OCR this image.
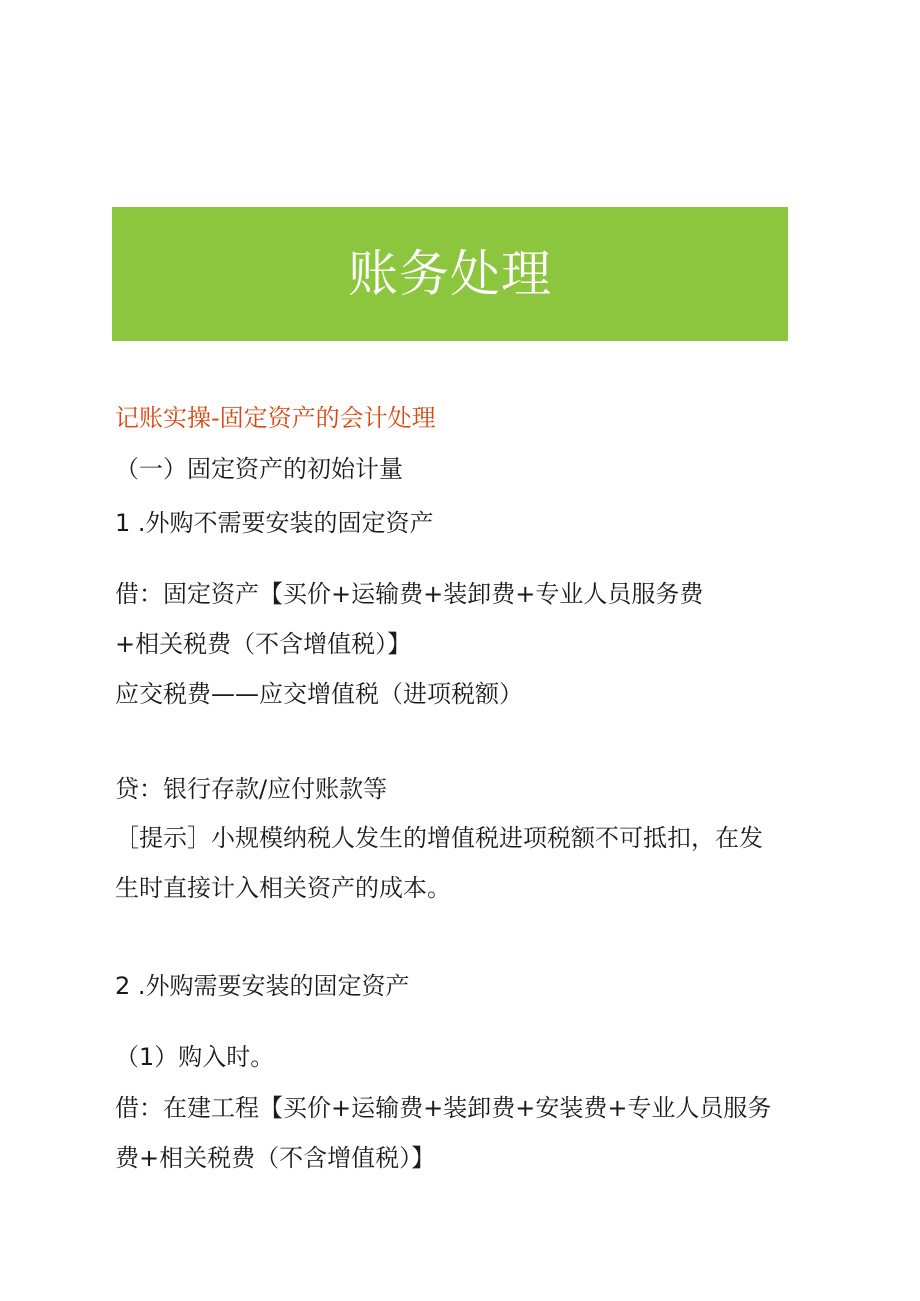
账务处理
记账实操-固定资产的会计处理
（一）固定资产的初始计量
1 .外购不需要安装的固定资产
借：固定资产【买价+运输费+装卸费+专业人员服务费
+相关税费（不含增值税）】
应交税费——应交增值税（进项税额）
贷：银行存款/应付账款等
［提示］小规模纳税人发生的增值税进项税额不可抵扣，在发
生时直接计入相关资产的成本。
2 .外购需要安装的固定资产
（1）购入时。
借：在建工程【买价+运输费+装卸费+安装费+专业人员服务
费+相关税费（不含增值税）】
